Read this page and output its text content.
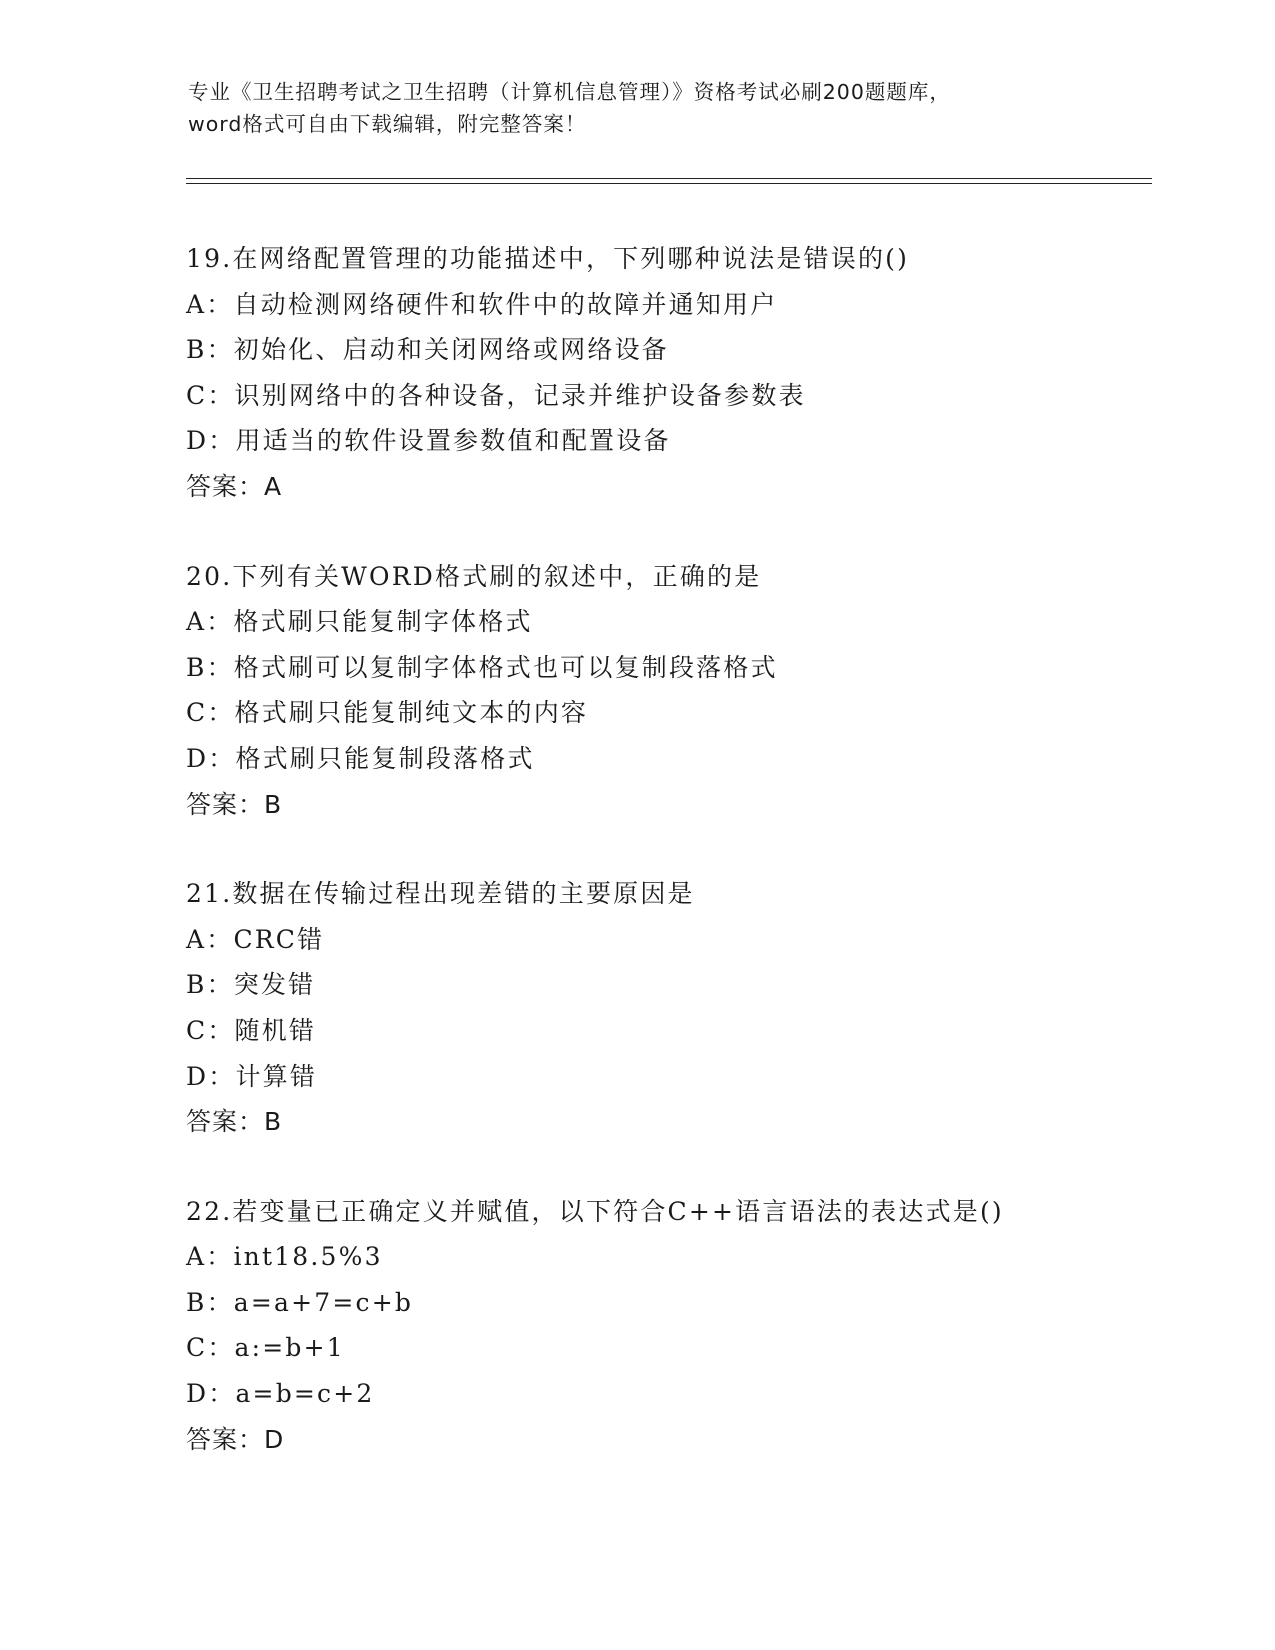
专业《卫生招聘考试之卫生招聘（计算机信息管理）》资格考试必刷200题题库，
word格式可自由下载编辑，附完整答案！
19.在网络配置管理的功能描述中，下列哪种说法是错误的()
A：自动检测网络硬件和软件中的故障并通知用户
B：初始化、启动和关闭网络或网络设备
C：识别网络中的各种设备，记录并维护设备参数表
D：用适当的软件设置参数值和配置设备
答案：A
20.下列有关WORD格式刷的叙述中，正确的是
A：格式刷只能复制字体格式
B：格式刷可以复制字体格式也可以复制段落格式
C：格式刷只能复制纯文本的内容
D：格式刷只能复制段落格式
答案：B
21.数据在传输过程出现差错的主要原因是
A：CRC错
B：突发错
C：随机错
D：计算错
答案：B
22.若变量已正确定义并赋值，以下符合C++语言语法的表达式是()
A：int18.5%3
B：a=a+7=c+b
C：a:=b+1
D：a=b=c+2
答案：D
